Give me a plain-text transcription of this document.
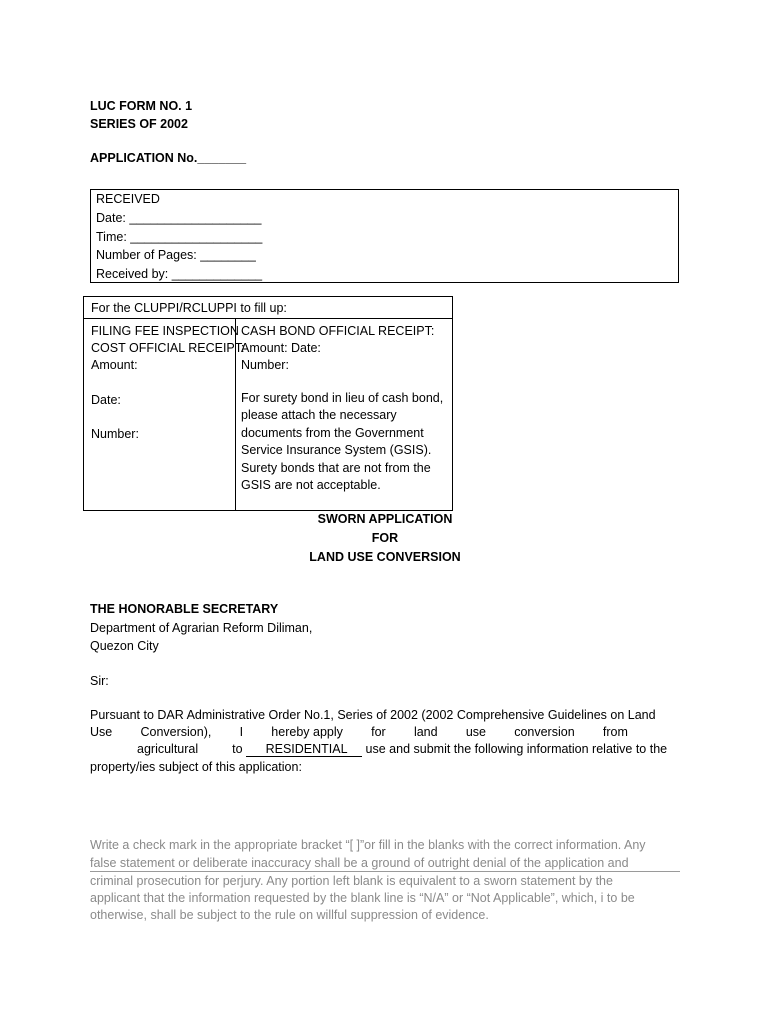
LUC FORM NO. 1
SERIES OF 2002
APPLICATION No._______
RECEIVED
Date: ___________________
Time: ___________________
Number of Pages: ________
Received by: _____________
For the CLUPPI/RCLUPPI to fill up:
FILING FEE INSPECTION
COST OFFICIAL RECEIPT:
Amount:
Date:
Number:
CASH BOND OFFICIAL RECEIPT:
Amount: Date:
Number:
For surety bond in lieu of cash bond,
please attach the necessary
documents from the Government
Service Insurance System (GSIS).
Surety bonds that are not from the
GSIS are not acceptable.
SWORN APPLICATION
FOR
LAND USE CONVERSION
THE HONORABLE SECRETARY
Department of Agrarian Reform Diliman,
Quezon City
Sir:
Pursuant to DAR Administrative Order No.1, Series of 2002 (2002 Comprehensive Guidelines on Land
Use Conversion), I hereby apply for land use conversion from
agricultural	to RESIDENTIAL use and submit the following information relative to the
property/ies subject of this application:
Write a check mark in the appropriate bracket “[ ]”or fill in the blanks with the correct information. Any
false statement or deliberate inaccuracy shall be a ground of outright denial of the application and
criminal prosecution for perjury. Any portion left blank is equivalent to a sworn statement by the
applicant that the information requested by the blank line is “N/A” or “Not Applicable”, which, i to be
otherwise, shall be subject to the rule on willful suppression of evidence.
